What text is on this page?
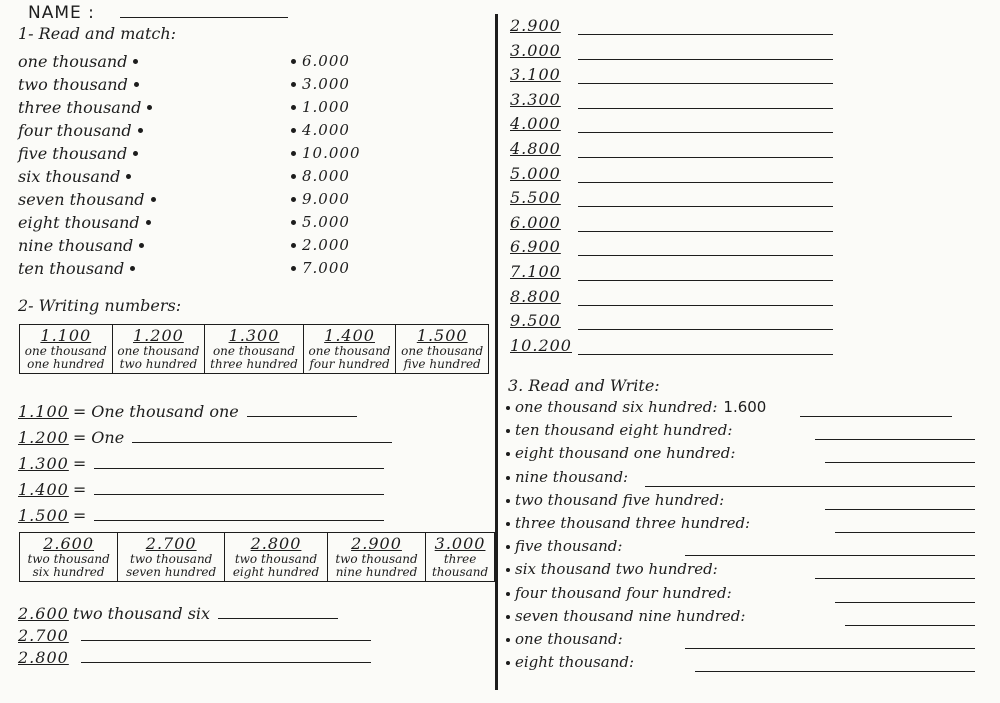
NAME :
1- Read and match:
one thousand	6.000
two thousand	3.000
three thousand	1.000
four thousand	4.000
five thousand	10.000
six thousand	8.000
seven thousand	9.000
eight thousand	5.000
nine thousand	2.000
ten thousand	7.000
2- Writing numbers:
1.100
one thousand
one hundred

1.200
one thousand
two hundred

1.300
one thousand
three hundred

1.400
one thousand
four hundred

1.500
one thousand
five hundred
1.100 = One thousand one
1.200 = One
1.300 =
1.400 =
1.500 =
2.600
two thousand
six hundred

2.700
two thousand
seven hundred

2.800
two thousand
eight hundred

2.900
two thousand
nine hundred

3.000
three
thousand
2.600 two thousand six
2.700
2.800
2.900
3.000
3.100
3.300
4.000
4.800
5.000
5.500
6.000
6.900
7.100
8.800
9.500
10.200
3. Read and Write:
one thousand six hundred: 1.600
ten thousand eight hundred:
eight thousand one hundred:
nine thousand:
two thousand five hundred:
three thousand three hundred:
five thousand:
six thousand two hundred:
four thousand four hundred:
seven thousand nine hundred:
one thousand:
eight thousand:
